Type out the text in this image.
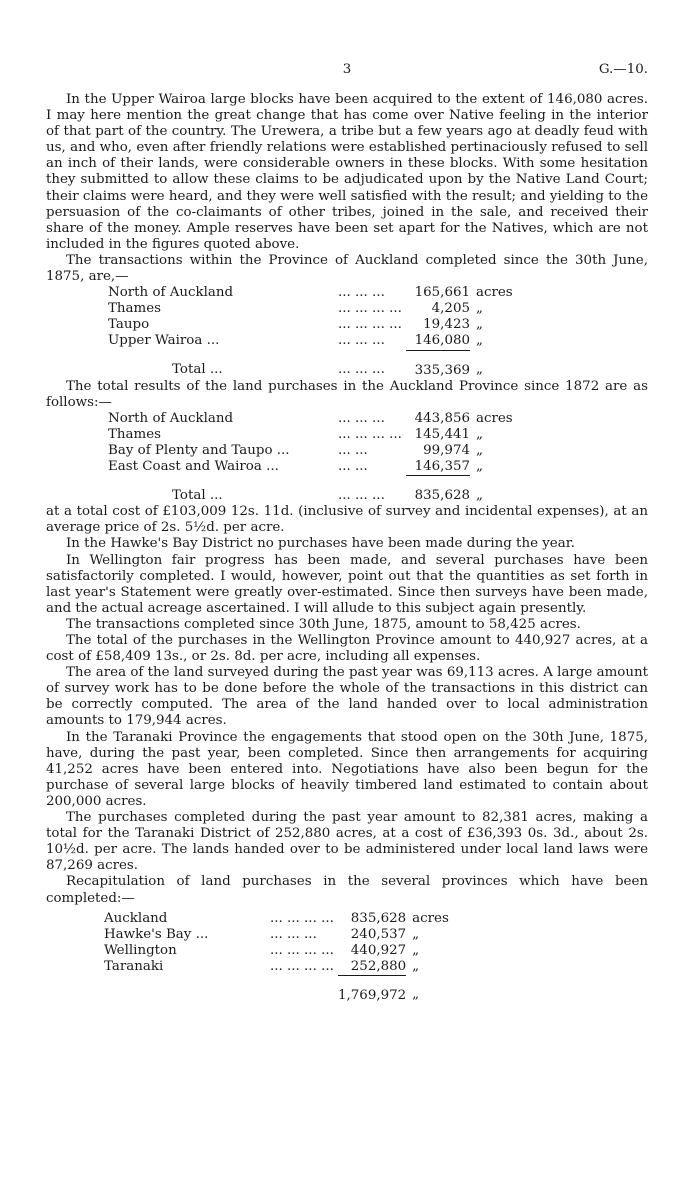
3	G.—10.

In the Upper Wairoa large blocks have been acquired to the extent of 146,080 acres. I may here mention the great change that has come over Native feeling in the interior of that part of the country. The Urewera, a tribe but a few years ago at deadly feud with us, and who, even after friendly relations were established pertinaciously refused to sell an inch of their lands, were considerable owners in these blocks. With some hesitation they submitted to allow these claims to be adjudicated upon by the Native Land Court; their claims were heard, and they were well satisfied with the result; and yielding to the persuasion of the co-claimants of other tribes, joined in the sale, and received their share of the money. Ample reserves have been set apart for the Natives, which are not included in the figures quoted above.

The transactions within the Province of Auckland completed since the 30th June, 1875, are,—

North of Auckland	... ... ...	165,661	acres
Thames	... ... ... ...	4,205	„
Taupo	... ... ... ...	19,423	„
Upper Wairoa ...	... ... ...	146,080	„
Total ...	... ... ...	335,369	„

The total results of the land purchases in the Auckland Province since 1872 are as follows:—

North of Auckland	... ... ...	443,856	acres
Thames	... ... ... ...	145,441	„
Bay of Plenty and Taupo ...	... ...	99,974	„
East Coast and Wairoa ...	... ...	146,357	„
Total ...	... ... ...	835,628	„

at a total cost of £103,009 12s. 11d. (inclusive of survey and incidental expenses), at an average price of 2s. 5½d. per acre.

In the Hawke's Bay District no purchases have been made during the year.

In Wellington fair progress has been made, and several purchases have been satisfactorily completed. I would, however, point out that the quantities as set forth in last year's Statement were greatly over-estimated. Since then surveys have been made, and the actual acreage ascertained. I will allude to this subject again presently.

The transactions completed since 30th June, 1875, amount to 58,425 acres.

The total of the purchases in the Wellington Province amount to 440,927 acres, at a cost of £58,409 13s., or 2s. 8d. per acre, including all expenses.

The area of the land surveyed during the past year was 69,113 acres. A large amount of survey work has to be done before the whole of the transactions in this district can be correctly computed. The area of the land handed over to local administration amounts to 179,944 acres.

In the Taranaki Province the engagements that stood open on the 30th June, 1875, have, during the past year, been completed. Since then arrangements for acquiring 41,252 acres have been entered into. Negotiations have also been begun for the purchase of several large blocks of heavily timbered land estimated to contain about 200,000 acres.

The purchases completed during the past year amount to 82,381 acres, making a total for the Taranaki District of 252,880 acres, at a cost of £36,393 0s. 3d., about 2s. 10½d. per acre. The lands handed over to be administered under local land laws were 87,269 acres.

Recapitulation of land purchases in the several provinces which have been completed:—

Auckland	... ... ... ...	835,628	acres
Hawke's Bay ...	... ... ...	240,537	„
Wellington	... ... ... ...	440,927	„
Taranaki	... ... ... ...	252,880	„
		1,769,972	„
